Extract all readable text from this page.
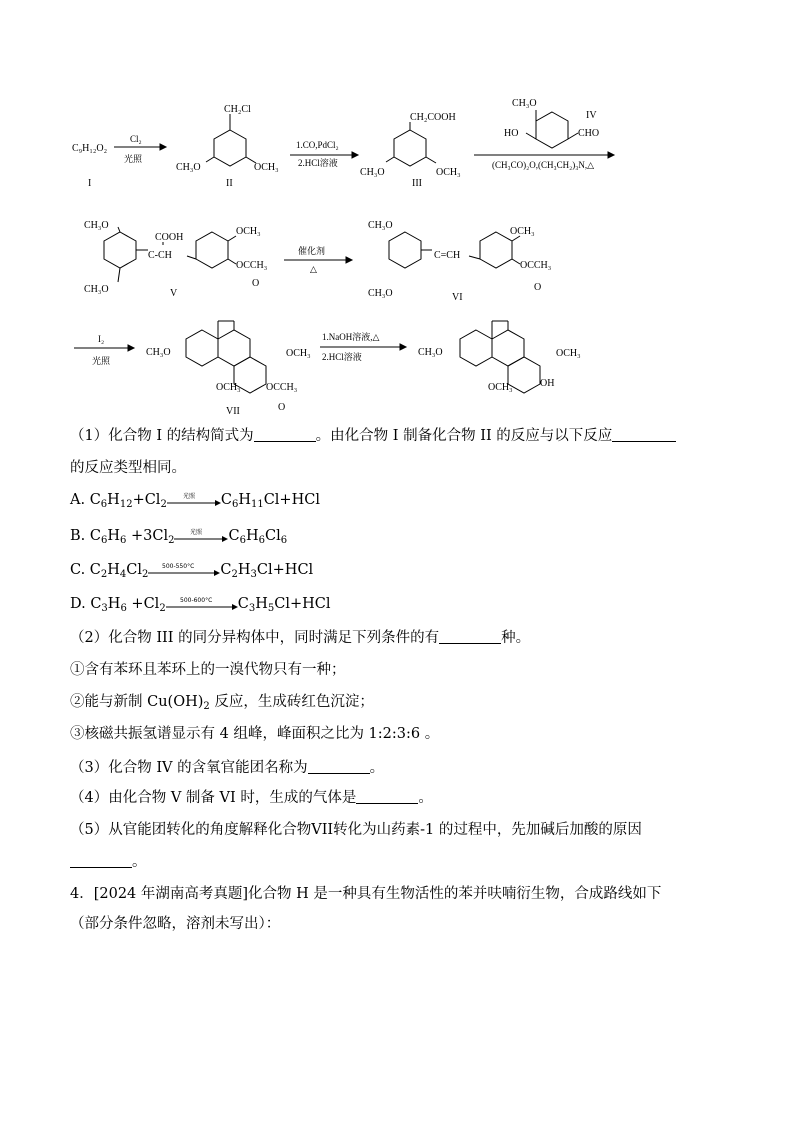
C₉H₁₂O₂
I
Cl₂
光照
CH₂Cl
CH₃O	OCH₃
II
1.CO,PdCl₂
2.HCl溶液
CH₂COOH
CH₃O	OCH₃
III
CH₃O
HO	CHO
IV
(CH₃CO)₂O,(CH₃CH₂)₃N,△
CH₃O
CH₃O
COOH
C-CH
OCH₃
OCCH₃
O
V
催化剂
△
CH₃O
CH₃O
C=CH
OCH₃
OCCH₃
O
VI
I₂
光照
CH₃O	OCH₃
OCH₃	OCCH₃
O
VII
1.NaOH溶液,△
2.HCl溶液	CH₃O	OCH₃
OCH₃	OH
（1）化合物 I 的结构简式为	。由化合物 I 制备化合物 II 的反应与以下反应
的反应类型相同。
A. $C_6H_{12}+Cl_2$
光照 $C_6H_{11}Cl+HCl$
B. $C_6H_6 +3Cl_2$
光照 $C_6H_6Cl_6$
C. $C_2H_4Cl_2$
500-550°C $C_2H_3Cl+HCl$
D. $C_3H_6 +Cl_2$
500-600°C $C_3H_5Cl+HCl$
（2）化合物 III 的同分异构体中，同时满足下列条件的有	种。
①含有苯环且苯环上的一溴代物只有一种；
②能与新制 $Cu(OH)_2$ 反应，生成砖红色沉淀；
③核磁共振氢谱显示有 4 组峰，峰面积之比为 1:2:3:6 。
（3）化合物 IV 的含氧官能团名称为	。
（4）由化合物 V 制备 VI 时，生成的气体是	。
（5）从官能团转化的角度解释化合物VII转化为山药素-1 的过程中，先加碱后加酸的原因
。
4．[2024 年湖南高考真题]化合物 H 是一种具有生物活性的苯并呋喃衍生物，合成路线如下
（部分条件忽略，溶剂未写出）：
